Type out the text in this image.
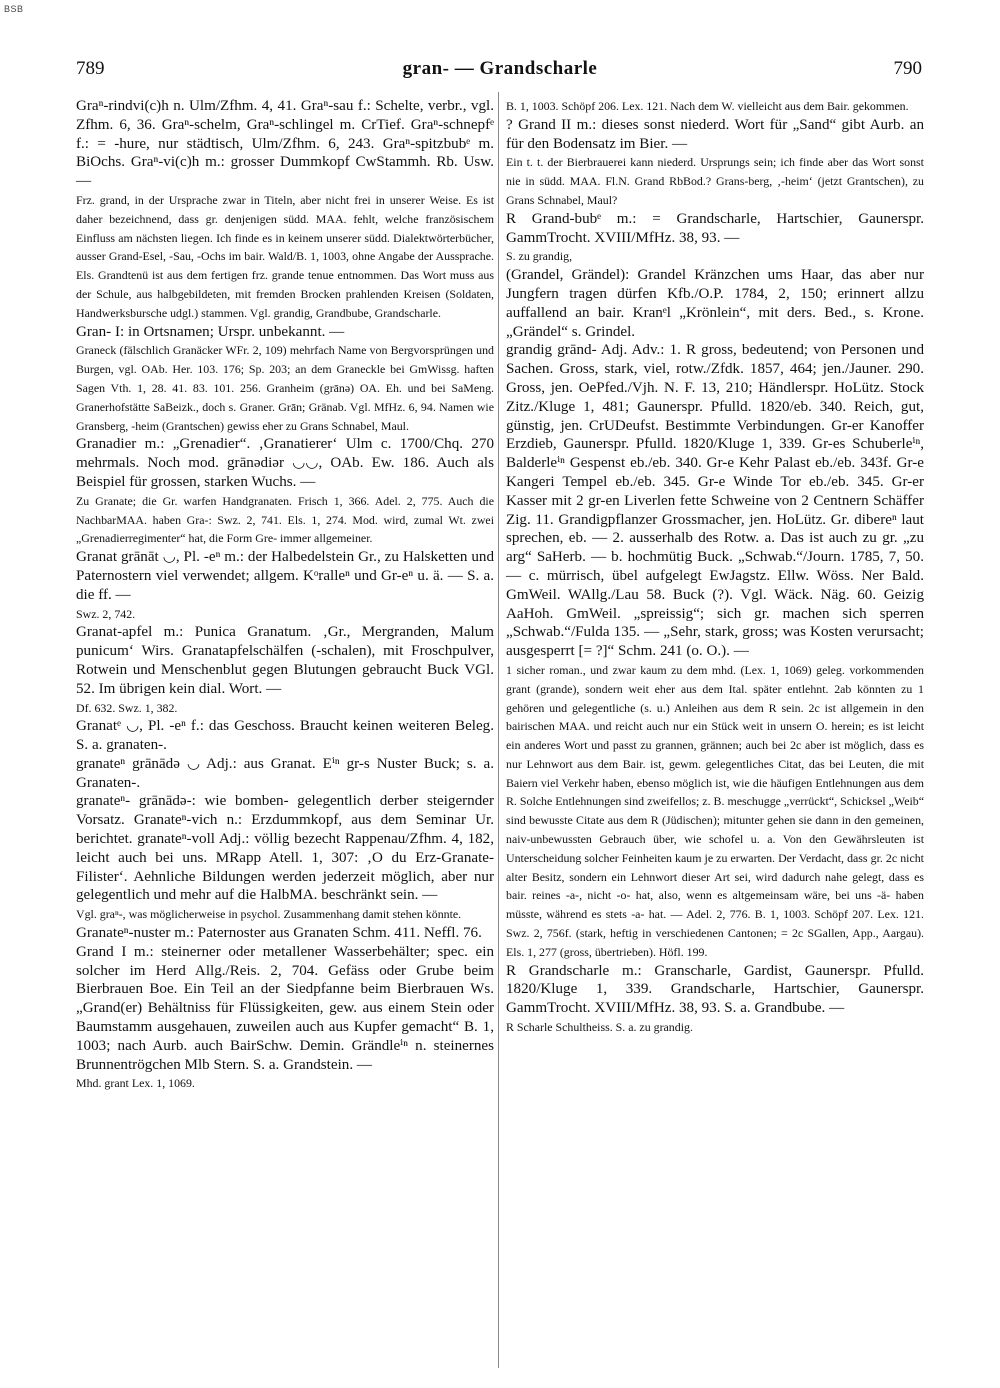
BSB
789	gran- — Grandscharle	790

Graⁿ-rindvi(c)h n. Ulm/Zfhm. 4, 41. Graⁿ-sau f.: Schelte, verbr., vgl. Zfhm. 6, 36. Graⁿ-schelm, Graⁿ-schlingel m. CrTief. Graⁿ-schnepfᵉ f.: = -hure, nur städtisch, Ulm/Zfhm. 6, 243. Graⁿ-spitzbubᵉ m. BiOchs. Graⁿ-vi(c)h m.: grosser Dummkopf CwStammh. Rb. Usw. —

Frz. grand, in der Ursprache zwar in Titeln, aber nicht frei in unserer Weise. Es ist daher bezeichnend, dass gr. denjenigen südd. MAA. fehlt, welche französischem Einfluss am nächsten liegen. Ich finde es in keinem unserer südd. Dialektwörterbücher, ausser Grand-Esel, -Sau, -Ochs im bair. Wald/B. 1, 1003, ohne Angabe der Aussprache. Els. Grandtenü ist aus dem fertigen frz. grande tenue entnommen. Das Wort muss aus der Schule, aus halbgebildeten, mit fremden Brocken prahlenden Kreisen (Soldaten, Handwerksbursche udgl.) stammen. Vgl. grandig, Grandbube, Grandscharle.

Gran- I: in Ortsnamen; Urspr. unbekannt. —

Graneck (fälschlich Granäcker WFr. 2, 109) mehrfach Name von Bergvorsprüngen und Burgen, vgl. OAb. Her. 103. 176; Sp. 203; an dem Graneckle bei GmWissg. haften Sagen Vth. 1, 28. 41. 83. 101. 256. Granheim (grānə) OA. Eh. und bei SaMeng. Granerhofstätte SaBeizk., doch s. Graner. Grān; Gränab. Vgl. MfHz. 6, 94. Namen wie Gransberg, -heim (Grantschen) gewiss eher zu Grans Schnabel, Maul.

Granadier m.: „Grenadier“. ‚Granatierer‘ Ulm c. 1700/Chq. 270 mehrmals. Noch mod. grānədiər ◡◡, OAb. Ew. 186. Auch als Beispiel für grossen, starken Wuchs. —

Zu Granate; die Gr. warfen Handgranaten. Frisch 1, 366. Adel. 2, 775. Auch die NachbarMAA. haben Gra-: Swz. 2, 741. Els. 1, 274. Mod. wird, zumal Wt. zwei „Grenadierregimenter“ hat, die Form Gre- immer allgemeiner.

Granat grānāt ◡, Pl. -eⁿ m.: der Halbedelstein Gr., zu Halsketten und Paternostern viel verwendet; allgem. Kᵒralleⁿ und Gr-eⁿ u. ä. — S. a. die ff. —

Swz. 2, 742.

Granat-apfel m.: Punica Granatum. ‚Gr., Mergranden, Malum punicum‘ Wirs. Granatapfelschälfen (-schalen), mit Froschpulver, Rotwein und Menschenblut gegen Blutungen gebraucht Buck VGl. 52. Im übrigen kein dial. Wort. —

Df. 632. Swz. 1, 382.

Granatᵉ ◡, Pl. -eⁿ f.: das Geschoss. Braucht keinen weiteren Beleg. S. a. granaten-.

granateⁿ grānādə ◡ Adj.: aus Granat. Eⁱⁿ gr-s Nuster Buck; s. a. Granaten-.

granateⁿ- grānādə-: wie bomben- gelegentlich derber steigernder Vorsatz. Granateⁿ-vich n.: Erzdummkopf, aus dem Seminar Ur. berichtet. granateⁿ-voll Adj.: völlig bezecht Rappenau/Zfhm. 4, 182, leicht auch bei uns. MRapp Atell. 1, 307: ‚O du Erz-Granate-Filister‘. Aehnliche Bildungen werden jederzeit möglich, aber nur gelegentlich und mehr auf die HalbMA. beschränkt sein. —

Vgl. graⁿ-, was möglicherweise in psychol. Zusammenhang damit stehen könnte.

Granateⁿ-nuster m.: Paternoster aus Granaten Schm. 411. Neffl. 76.

Grand I m.: steinerner oder metallener Wasserbehälter; spec. ein solcher im Herd Allg./Reis. 2, 704. Gefäss oder Grube beim Bierbrauen Boe. Ein Teil an der Siedpfanne beim Bierbrauen Ws. „Grand(er) Behältniss für Flüssigkeiten, gew. aus einem Stein oder Baumstamm ausgehauen, zuweilen auch aus Kupfer gemacht“ B. 1, 1003; nach Aurb. auch BairSchw. Demin. Grändleⁱⁿ n. steinernes Brunnentrögchen Mlb Stern. S. a. Grandstein. —

Mhd. grant Lex. 1, 1069.

B. 1, 1003. Schöpf 206. Lex. 121. Nach dem W. vielleicht aus dem Bair. gekommen.

? Grand II m.: dieses sonst niederd. Wort für „Sand“ gibt Aurb. an für den Bodensatz im Bier. —

Ein t. t. der Bierbrauerei kann niederd. Ursprungs sein; ich finde aber das Wort sonst nie in südd. MAA. Fl.N. Grand RbBod.? Grans-berg, ‚-heim‘ (jetzt Grantschen), zu Grans Schnabel, Maul?

R Grand-bubᵉ m.: = Grandscharle, Hartschier, Gaunerspr. GammTrocht. XVIII/MfHz. 38, 93. —

S. zu grandig,

(Grandel, Grändel): Grandel Kränzchen ums Haar, das aber nur Jungfern tragen dürfen Kfb./O.P. 1784, 2, 150; erinnert allzu auffallend an bair. Kranᵉl „Krönlein“, mit ders. Bed., s. Krone. „Grändel“ s. Grindel.

grandig grānd- Adj. Adv.: 1. R gross, bedeutend; von Personen und Sachen. Gross, stark, viel, rotw./Zfdk. 1857, 464; jen./Jauner. 290. Gross, jen. OePfed./Vjh. N. F. 13, 210; Händlerspr. HoLütz. Stock Zitz./Kluge 1, 481; Gaunerspr. Pfulld. 1820/eb. 340. Reich, gut, günstig, jen. CrUDeufst. Bestimmte Verbindungen. Gr-er Kanoffer Erzdieb, Gaunerspr. Pfulld. 1820/Kluge 1, 339. Gr-es Schuberleⁱⁿ, Balderleⁱⁿ Gespenst eb./eb. 340. Gr-e Kehr Palast eb./eb. 343f. Gr-e Kangeri Tempel eb./eb. 345. Gr-e Winde Tor eb./eb. 345. Gr-er Kasser mit 2 gr-en Liverlen fette Schweine von 2 Centnern Schäffer Zig. 11. Grandigpflanzer Grossmacher, jen. HoLütz. Gr. dibereⁿ laut sprechen, eb. — 2. ausserhalb des Rotw. a. Das ist auch zu gr. „zu arg“ SaHerb. — b. hochmütig Buck. „Schwab.“/Journ. 1785, 7, 50. — c. mürrisch, übel aufgelegt EwJagstz. Ellw. Wöss. Ner Bald. GmWeil. WAllg./Lau 58. Buck (?). Vgl. Wäck. Näg. 60. Geizig AaHoh. GmWeil. „spreissig“; sich gr. machen sich sperren „Schwab.“/Fulda 135. — „Sehr, stark, gross; was Kosten verursacht; ausgesperrt [= ?]“ Schm. 241 (o. O.). —

1 sicher roman., und zwar kaum zu dem mhd. (Lex. 1, 1069) geleg. vorkommenden grant (grande), sondern weit eher aus dem Ital. später entlehnt. 2ab könnten zu 1 gehören und gelegentliche (s. u.) Anleihen aus dem R sein. 2c ist allgemein in den bairischen MAA. und reicht auch nur ein Stück weit in unsern O. herein; es ist leicht ein anderes Wort und passt zu grannen, grännen; auch bei 2c aber ist möglich, dass es nur Lehnwort aus dem Bair. ist, gewm. gelegentliches Citat, das bei Leuten, die mit Baiern viel Verkehr haben, ebenso möglich ist, wie die häufigen Entlehnungen aus dem R. Solche Entlehnungen sind zweifellos; z. B. meschugge „verrückt“, Schicksel „Weib“ sind bewusste Citate aus dem R (Jüdischen); mitunter gehen sie dann in den gemeinen, naiv-unbewussten Gebrauch über, wie schofel u. a. Von den Gewährsleuten ist Unterscheidung solcher Feinheiten kaum je zu erwarten. Der Verdacht, dass gr. 2c nicht alter Besitz, sondern ein Lehnwort dieser Art sei, wird dadurch nahe gelegt, dass es bair. reines -a-, nicht -o- hat, also, wenn es altgemeinsam wäre, bei uns -ä- haben müsste, während es stets -a- hat. — Adel. 2, 776. B. 1, 1003. Schöpf 207. Lex. 121. Swz. 2, 756f. (stark, heftig in verschiedenen Cantonen; = 2c SGallen, App., Aargau). Els. 1, 277 (gross, übertrieben). Höfl. 199.

R Grandscharle m.: Granscharle, Gardist, Gaunerspr. Pfulld. 1820/Kluge 1, 339. Grandscharle, Hartschier, Gaunerspr. GammTrocht. XVIII/MfHz. 38, 93. S. a. Grandbube. —

R Scharle Schultheiss. S. a. zu grandig.
